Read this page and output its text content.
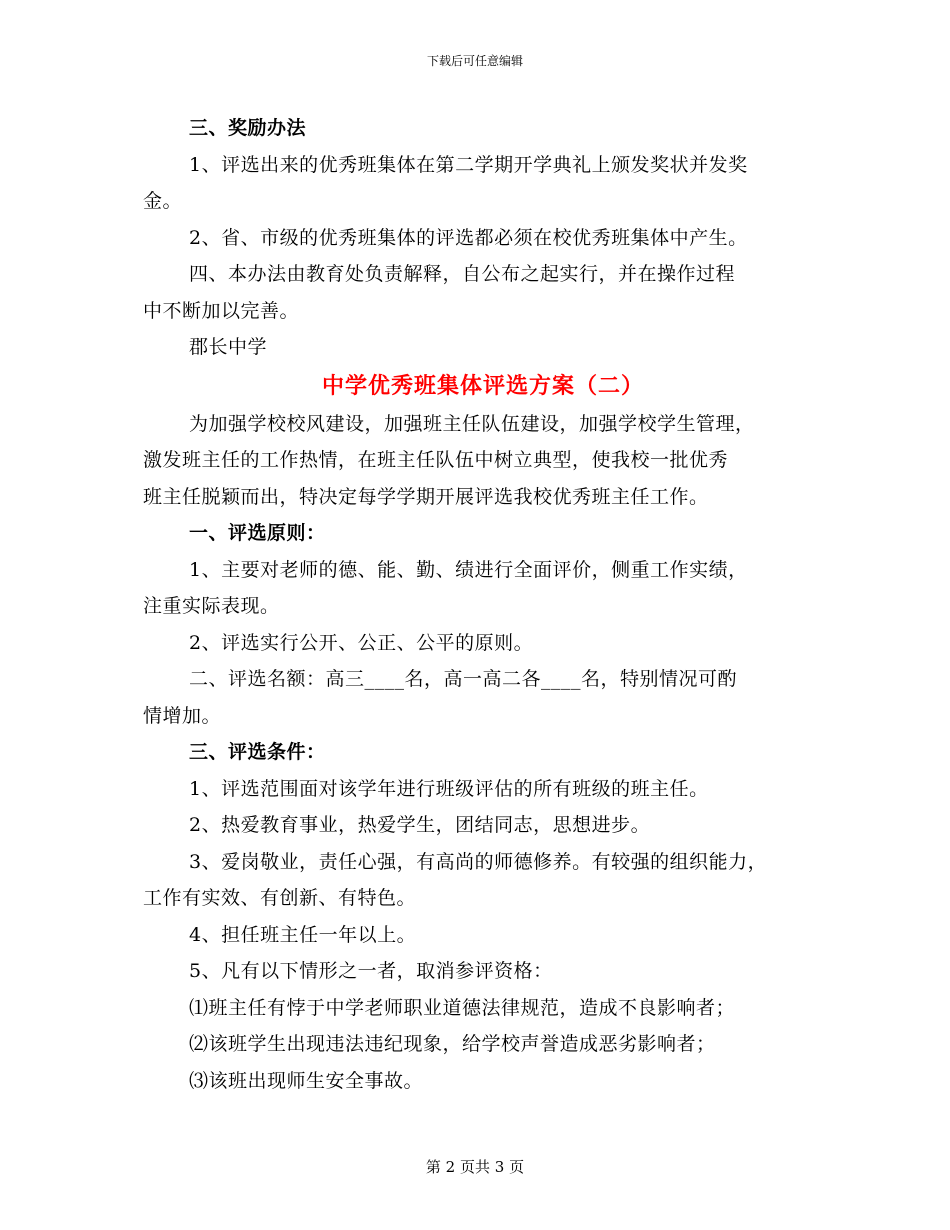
下载后可任意编辑
三、奖励办法
1、评选出来的优秀班集体在第二学期开学典礼上颁发奖状并发奖
金。
2、省、市级的优秀班集体的评选都必须在校优秀班集体中产生。
四、本办法由教育处负责解释，自公布之起实行，并在操作过程
中不断加以完善。
郡长中学
中学优秀班集体评选方案（二）
为加强学校校风建设，加强班主任队伍建设，加强学校学生管理，
激发班主任的工作热情，在班主任队伍中树立典型，使我校一批优秀
班主任脱颖而出，特决定每学学期开展评选我校优秀班主任工作。
一、评选原则：
1、主要对老师的德、能、勤、绩进行全面评价，侧重工作实绩，
注重实际表现。
2、评选实行公开、公正、公平的原则。
二、评选名额：高三____名，高一高二各____名，特别情况可酌
情增加。
三、评选条件：
1、评选范围面对该学年进行班级评估的所有班级的班主任。
2、热爱教育事业，热爱学生，团结同志，思想进步。
3、爱岗敬业，责任心强，有高尚的师德修养。有较强的组织能力，
工作有实效、有创新、有特色。
4、担任班主任一年以上。
5、凡有以下情形之一者，取消参评资格：
⑴班主任有悖于中学老师职业道德法律规范，造成不良影响者；
⑵该班学生出现违法违纪现象，给学校声誉造成恶劣影响者；
⑶该班出现师生安全事故。
第 2 页共 3 页
